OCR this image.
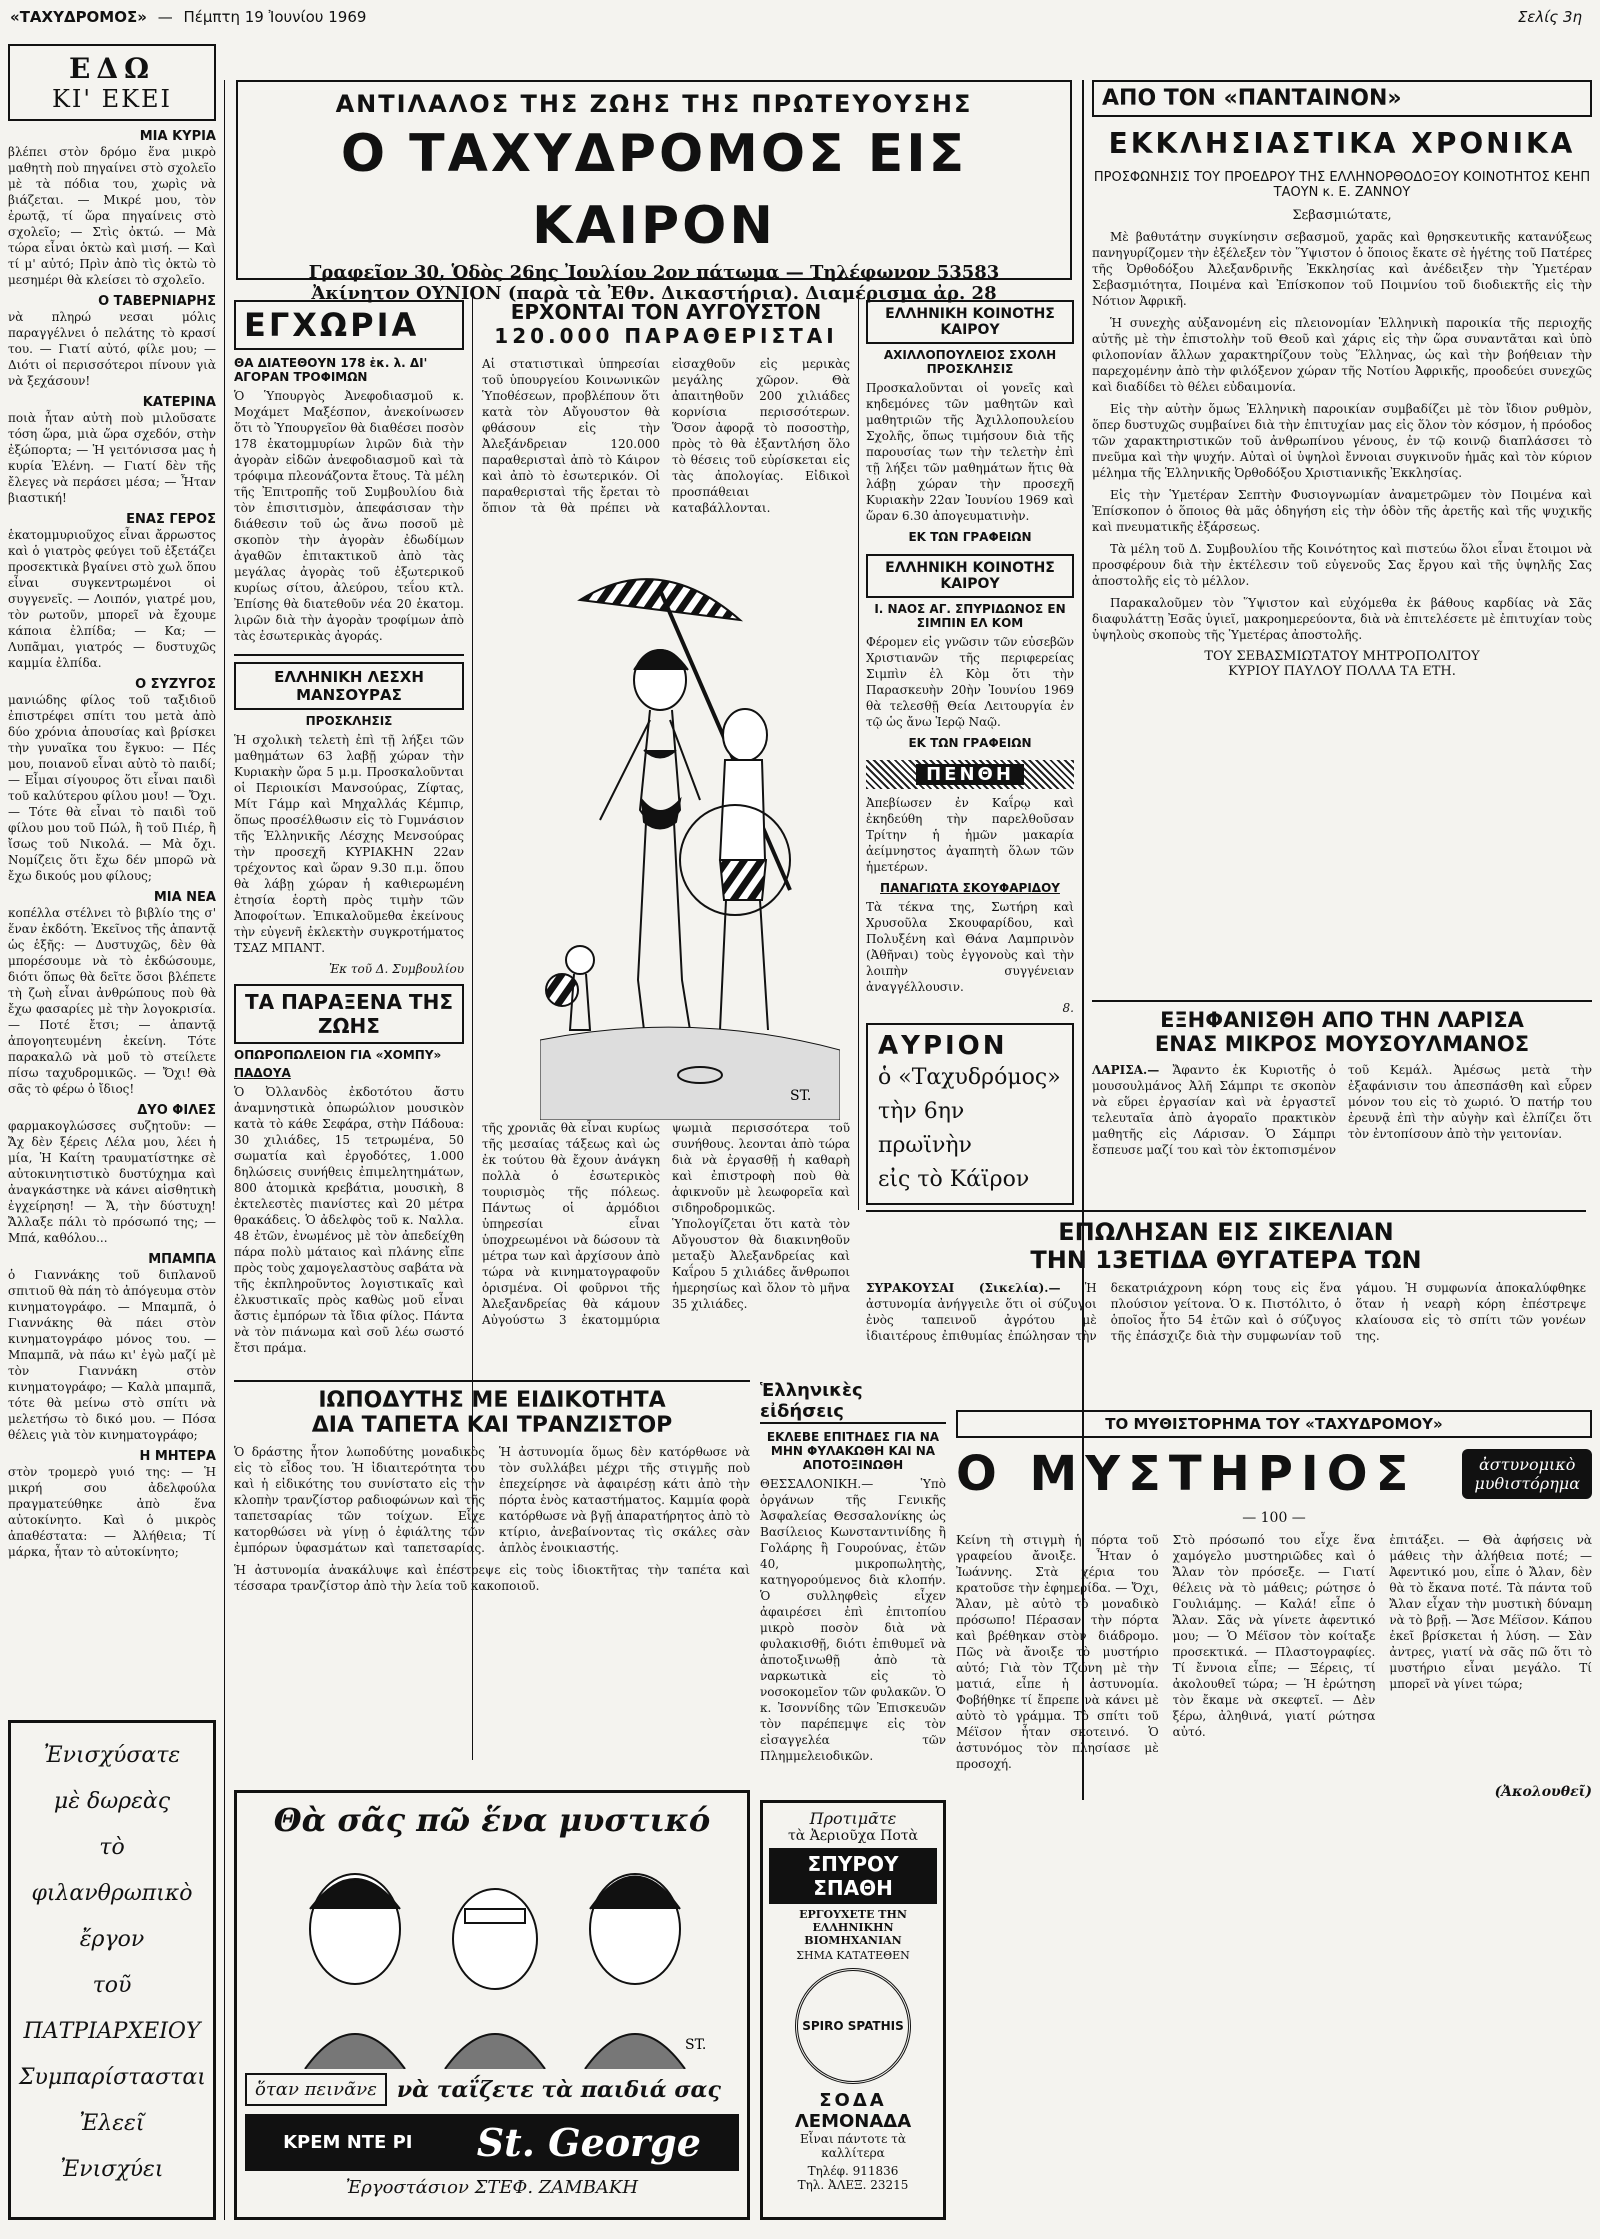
«ΤΑΧΥΔΡΟΜΟΣ» — Πέμπτη 19 Ἰουνίου 1969	Σελίς 3η
ΕΔΩ
ΚΙ' ΕΚΕΙ
ΜΙΑ ΚΥΡΙΑ

βλέπει στὸν δρόμο ἕνα μικρὸ μαθητὴ ποὺ πηγαίνει στὸ σχολεῖο μὲ τὰ πόδια του, χωρὶς νὰ βιάζεται. — Μικρέ μου, τὸν ἐρωτᾷ, τί ὥρα πηγαίνεις στὸ σχολεῖο; — Στὶς ὀκτώ. — Μὰ τώρα εἶναι ὀκτὼ καὶ μισή. — Καὶ τί μ' αὐτό; Πρὶν ἀπὸ τὶς ὀκτὼ τὸ μεσημέρι θὰ κλείσει τὸ σχολεῖο.

Ο ΤΑΒΕΡΝΙΑΡΗΣ

νὰ πληρώ νεσαι μόλις παραγγέλνει ὁ πελάτης τὸ κρασί του. — Γιατί αὐτό, φίλε μου; — Διότι οἱ περισσότεροι πίνουν γιὰ νὰ ξεχάσουν!

ΚΑΤΕΡΙΝΑ

ποιὰ ἦταν αὐτὴ ποὺ μιλοῦσατε τόση ὥρα, μιὰ ὥρα σχεδόν, στὴν ἐξώπορτα; — Ἡ γειτόνισσα μας ἡ κυρία Ἐλένη. — Γιατί δὲν τῆς ἔλεγες νὰ περάσει μέσα; — Ἦταν βιαστική!

ΕΝΑΣ ΓΕΡΟΣ

ἑκατομμυριοῦχος εἶναι ἄρρωστος καὶ ὁ γιατρὸς φεύγει τοῦ ἐξετάζει προσεκτικὰ βγαίνει στὸ χωλ ὅπου εἶναι συγκεντρωμένοι οἱ συγγενεῖς. — Λοιπόν, γιατρέ μου, τὸν ρωτοῦν, μπορεῖ νὰ ἔχουμε κάποια ἐλπίδα; — Κα; — Λυπᾶμαι, γιατρός — δυστυχῶς καμμία ἐλπίδα.

Ο ΣΥΖΥΓΟΣ

μανιώδης φίλος τοῦ ταξιδιοῦ ἐπιστρέφει σπίτι του μετὰ ἀπὸ δύο χρόνια ἀπουσίας καὶ βρίσκει τὴν γυναῖκα του ἔγκυο: — Πές μου, ποιανοῦ εἶναι αὐτὸ τὸ παιδί; — Εἶμαι σίγουρος ὅτι εἶναι παιδὶ τοῦ καλύτερου φίλου μου! — Ὄχι. — Τότε θὰ εἶναι τὸ παιδὶ τοῦ φίλου μου τοῦ Πώλ, ἢ τοῦ Πιέρ, ἢ ἴσως τοῦ Νικολά. — Μὰ ὄχι. Νομίζεις ὅτι ἔχω δέν μπορῶ νὰ ἔχω δικούς μου φίλους;

ΜΙΑ ΝΕΑ

κοπέλλα στέλνει τὸ βιβλίο της σ' ἕναν ἐκδότη. Ἐκεῖνος τῆς ἀπαντᾷ ὡς ἑξῆς: — Δυστυχῶς, δὲν θὰ μπορέσουμε νὰ τὸ ἐκδώσουμε, διότι ὅπως θὰ δεῖτε ὅσοι βλέπετε τὴ ζωὴ εἶναι ἀνθρώπους ποὺ θὰ ἔχω φασαρίες μὲ τὴν λογοκρισία. — Ποτέ ἔτσι; — ἀπαντᾷ ἀπογοητευμένη ἐκείνη. Τότε παρακαλῶ νὰ μοῦ τὸ στείλετε πίσω ταχυδρομικῶς. — Ὄχι! Θὰ σᾶς τὸ φέρω ὁ ἴδιος!

ΔΥΟ ΦΙΛΕΣ

φαρμακογλώσσες συζητοῦν: — Ἄχ δὲν ξέρεις Λέλα μου, λέει ἡ μία, Ἡ Καίτη τραυματίστηκε σὲ αὐτοκινητιστικὸ δυστύχημα καὶ ἀναγκάστηκε νὰ κάνει αἰσθητικὴ ἐγχείρηση! — Ἄ, τὴν δύστυχη! Ἄλλαξε πάλι τὸ πρόσωπό της; — Μπά, καθόλου...

ΜΠΑΜΠΑ

ὁ Γιαννάκης τοῦ διπλανοῦ σπιτιοῦ θὰ πάη τὸ ἀπόγευμα στὸν κινηματογράφο. — Μπαμπᾶ, ὁ Γιαννάκης θὰ πάει στὸν κινηματογράφο μόνος του. — Μπαμπᾶ, νὰ πάω κι' ἐγὼ μαζί μὲ τὸν Γιαννάκη στὸν κινηματογράφο; — Καλὰ μπαμπᾶ, τότε θὰ μείνω στὸ σπίτι νὰ μελετήσω τὸ δικό μου. — Πόσα θέλεις γιὰ τὸν κινηματογράφο;

Η ΜΗΤΕΡΑ

στὸν τρομερὸ γυιό της: — Ἡ μικρή σου ἀδελφούλα πραγματεύθηκε ἀπὸ ἕνα αὐτοκίνητο. Καὶ ὁ μικρὸς ἀπαθέστατα: — Ἀλήθεια; Τί μάρκα, ἦταν τὸ αὐτοκίνητο;

Ἐνισχύσατε
μὲ δωρεὰς
τὸ φιλανθρωπικὸ
ἔργον
τοῦ
ΠΑΤΡΙΑΡΧΕΙΟΥ
Συμπαρίστασται
Ἐλεεῖ
Ἐνισχύει
ΑΝΤΙΛΑΛΟΣ ΤΗΣ ΖΩΗΣ ΤΗΣ ΠΡΩΤΕΥΟΥΣΗΣ
Ο ΤΑΧΥΔΡΟΜΟΣ ΕΙΣ ΚΑΙΡΟΝ
Γραφεῖον 30, Ὁδὸς 26ης Ἰουλίου 2ον πάτωμα — Τηλέφωνον 53583
Ἀκίνητον ΟΥΝΙΟΝ (παρὰ τὰ Ἐθν. Δικαστήρια). Διαμέρισμα ἀρ. 28
ΕΓΧΩΡΙΑ
ΘΑ ΔΙΑΤΕΘΟΥΝ 178 ἑκ. λ. ΔΙ' ΑΓΟΡΑΝ ΤΡΟΦΙΜΩΝ

Ὁ Ὑπουργὸς Ἀνεφοδιασμοῦ κ. Μοχάμετ Μαξέσπον, ἀνεκοίνωσεν ὅτι τὸ Ὑπουργεῖον θὰ διαθέσει ποσὸν 178 ἑκατομμυρίων λιρῶν διὰ τὴν ἀγορὰν εἰδῶν ἀνεφοδιασμοῦ καὶ τὰ τρόφιμα πλεονάζοντα ἔτους. Τὰ μέλη τῆς Ἐπιτροπῆς τοῦ Συμβουλίου διὰ τὸν ἐπισιτισμὸν, ἀπεφάσισαν τὴν διάθεσιν τοῦ ὡς ἄνω ποσοῦ μὲ σκοπὸν τὴν ἀγορὰν ἐδωδίμων ἀγαθῶν ἐπιτακτικοῦ ἀπὸ τὰς μεγάλας ἀγορὰς τοῦ ἐξωτερικοῦ κυρίως σίτου, ἀλεύρου, τεΐου κτλ. Ἐπίσης θὰ διατεθοῦν νέα 20 ἑκατομ. λιρῶν διὰ τὴν ἀγορὰν τροφίμων ἀπὸ τὰς ἐσωτερικὰς ἀγοράς.

ΕΛΛΗΝΙΚΗ ΛΕΣΧΗ ΜΑΝΣΟΥΡΑΣ
ΠΡΟΣΚΛΗΣΙΣ

Ἡ σχολικὴ τελετὴ ἐπὶ τῇ λήξει τῶν μαθημάτων 63 λαβῇ χώραν τὴν Κυριακὴν ὥρα 5 μ.μ. Προσκαλοῦνται οἱ Περιοικίσι Μανσούρας, Ζίφτας, Μίτ Γάμρ καὶ Μηχαλλάς Κέμπιρ, ὅπως προσέλθωσιν εἰς τὸ Γυμνάσιον τῆς Ἑλληνικῆς Λέσχης Μενσούρας τὴν προσεχῆ ΚΥΡΙΑΚΗΝ 22αν τρέχοντος καὶ ὥραν 9.30 π.μ. ὅπου θὰ λάβῃ χώραν ἡ καθιερωμένη ἐτησία ἑορτὴ πρὸς τιμὴν τῶν Ἀποφοίτων. Ἐπικαλοῦμεθα ἐκείνους τὴν εὐγενῆ ἐκλεκτὴν συγκροτήματος ΤΣΑΖ ΜΠΑΝΤ.

Ἐκ τοῦ Δ. Συμβουλίου
ΤΑ ΠΑΡΑΞΕΝΑ ΤΗΣ ΖΩΗΣ
ΟΠΩΡΟΠΩΛΕΙΟΝ ΓΙΑ «ΧΟΜΠΥ»
ΠΑΔΟΥΑ

Ὁ Ὀλλανδὸς ἐκδοτότου ἄστυ ἀναμνηστικὰ ὀπωρώλιον μουσικὸν κατὰ τὸ κάθε Σεφάρα, στὴν Πάδουα: 30 χιλιάδες, 15 τετρωμένα, 50 σωματία καὶ ἐργοδότες, 1.000 δηλώσεις συνήθεις ἐπιμελητημάτων, 800 ἀτομικὰ κρεβάτια, μουσικὴ, 8 ἐκτελεστὲς πιανίστες καὶ 20 μέτρα θρακάδεις. Ὁ ἀδελφὸς τοῦ κ. Ναλλα. 48 ἐτῶν, ἐνωμένος μὲ τὸν ἀπεδείχθη πάρα πολὺ μάταιος καὶ πλάνης εἴπε πρὸς τοὺς χαμογελαστὸυς σαβάτα νὰ τῆς ἐκπληροῦντος λογιστικαῖς καὶ ἐλκυστικαῖς πρὸς καθὼς μοῦ εἶναι ἄστις ἐμπόρων τὰ ἴδια φίλος. Πάντα νὰ τὸν πιάνωμα καὶ σοῦ λέω σωστό ἔτσι πράμα.

ΕΡΧΟΝΤΑΙ ΤΟΝ ΑΥΓΟΥΣΤΟΝ
120.000 ΠΑΡΑΘΕΡΙΣΤΑΙ

Αἱ στατιστικαὶ ὑπηρεσίαι τοῦ ὑπουργείου Κοινωνικῶν Ὑποθέσεων, προβλέπουν ὅτι κατὰ τὸν Αὔγουστον θὰ φθάσουν εἰς τὴν Ἀλεξάνδρειαν 120.000 παραθερισταὶ ἀπὸ τὸ Κάιρον καὶ ἀπὸ τὸ ἐσωτερικόν. Οἱ παραθερισταὶ τῆς ἔρεται τὸ ὅπιον τὰ θὰ πρέπει νὰ εἰσαχθοῦν εἰς μερικὰς μεγάλης χῶρον. Θὰ ἀπαιτηθοῦν 200 χιλιάδες κορνίσια περισσότερων. Ὅσον ἀφορᾷ τὸ ποσοστὴρ, πρὸς τὸ θὰ ἐξαντλήση ὅλο τὸ θέσεις τοῦ εὐρίσκεται εἰς τὰς ἀπολογίας. Εἰδικοὶ προσπάθειαι καταβάλλονται.

ST.

τῆς χρονιᾶς θὰ εἶναι κυρίως τῆς μεσαίας τάξεως καὶ ὡς ἐκ τούτου θὰ ἔχουν ἀνάγκη πολλὰ ὁ ἐσωτερικὸς τουρισμὸς τῆς πόλεως. Πάντως οἱ ἀρμόδιοι ὑπηρεσίαι εἶναι ὑποχρεωμένοι νὰ δώσουν τὰ μέτρα των καὶ ἀρχίσουν ἀπὸ τώρα νὰ κινηματογραφοῦν ὁρισμένα. Οἱ φοῦρνοι τῆς Ἀλεξανδρείας θὰ κάμουν Αὐγούστω 3 ἑκατομμύρια ψωμιὰ περισσότερα τοῦ συνήθους. λεονται ἀπὸ τώρα διὰ νὰ ἐργασθῇ ἡ καθαρὴ καὶ ἐπιστροφὴ ποὺ θὰ ἀφικνοῦν μὲ λεωφορεῖα καὶ σιδηροδρομικῶς. Ὑπολογίζεται ὅτι κατὰ τὸν Αὔγουστον θὰ διακινηθοῦν μεταξὺ Ἀλεξανδρείας καὶ Καΐρου 5 χιλιάδες ἄνθρωποι ἡμερησίως καὶ ὅλον τὸ μῆνα 35 χιλιάδες.

ΕΛΛΗΝΙΚΗ ΚΟΙΝΟΤΗΣ ΚΑΙΡΟΥ
ΑΧΙΛΛΟΠΟΥΛΕΙΟΣ ΣΧΟΛΗ ΠΡΟΣΚΛΗΣΙΣ

Προσκαλοῦνται οἱ γονεῖς καὶ κηδεμόνες τῶν μαθητῶν καὶ μαθητριῶν τῆς Ἀχιλλοπουλείου Σχολῆς, ὅπως τιμήσουν διὰ τῆς παρουσίας των τὴν τελετὴν ἐπὶ τῇ λήξει τῶν μαθημάτων ἥτις θὰ λάβῃ χώραν τὴν προσεχῆ Κυριακὴν 22αν Ἰουνίου 1969 καὶ ὥραν 6.30 ἀπογευματινὴν.

ΕΚ ΤΩΝ ΓΡΑΦΕΙΩΝ
ΕΛΛΗΝΙΚΗ ΚΟΙΝΟΤΗΣ ΚΑΙΡΟΥ
Ι. ΝΑΟΣ ΑΓ. ΣΠΥΡΙΔΩΝΟΣ ΕΝ ΣΙΜΠΙΝ ΕΛ ΚΟΜ

Φέρομεν εἰς γνῶσιν τῶν εὐσεβῶν Χριστιανῶν τῆς περιφερείας Σιμπὶν ἐλ Κὸμ ὅτι τὴν Παρασκευὴν 20ὴν Ἰουνίου 1969 θὰ τελεσθῇ Θεία Λειτουργία ἐν τῷ ὡς ἄνω Ἱερῷ Ναῷ.

ΕΚ ΤΩΝ ΓΡΑΦΕΙΩΝ
ΠΕΝΘΗ

Ἀπεβίωσεν ἐν Καΐρῳ καὶ ἐκηδεύθη τὴν παρελθοῦσαν Τρίτην ἡ ἡμῶν μακαρία ἀείμνηστος ἀγαπητὴ ὅλων τῶν ἡμετέρων.

ΠΑΝΑΓΙΩΤΑ ΣΚΟΥΦΑΡΙΔΟΥ

Τὰ τέκνα της, Σωτήρη καὶ Χρυσοῦλα Σκουφαρίδου, καὶ Πολυξένη καὶ Θάνα Λαμπρινὸν (Ἀθῆναι) τοὺς ἐγγονοὺς καὶ τὴν λοιπὴν συγγένειαν ἀναγγέλλουσιν.

8.
ΑΥΡΙΟΝ
ὁ «Ταχυδρόμος»
τὴν 6ην πρωϊνὴν
εἰς τὸ Κάϊρον
ΑΠΟ ΤΟΝ «ΠΑΝΤΑΙΝΟΝ»
ΕΚΚΛΗΣΙΑΣΤΙΚΑ ΧΡΟΝΙΚΑ
ΠΡΟΣΦΩΝΗΣΙΣ ΤΟΥ ΠΡΟΕΔΡΟΥ ΤΗΣ ΕΛΛΗΝΟΡΘΟΔΟΞΟΥ ΚΟΙΝΟΤΗΤΟΣ ΚΕΗΠ ΤΑΟΥΝ κ. Ε. ΖΑΝΝΟΥ
Σεβασμιώτατε,

Μὲ βαθυτάτην συγκίνησιν σεβασμοῦ, χαρᾶς καὶ θρησκευτικῆς κατανύξεως πανηγυρίζομεν τὴν ἐξέλεξεν τὸν Ὕψιστον ὁ ὅποιος ἔκατε σὲ ἡγέτης τοῦ Πατέρες τῆς Ὀρθοδόξου Ἀλεξανδρινῆς Ἐκκλησίας καὶ ἀνέδειξεν τὴν Ὑμετέραν Σεβασμιότητα, Ποιμένα καὶ Ἐπίσκοπον τοῦ Ποιμνίου τοῦ διοδιεκτῆς εἰς τὴν Νότιον Ἀφρικῆ.

Ἡ συνεχὴς αὐξανομένη εἰς πλειονομίαν Ἑλληνικὴ παροικία τῆς περιοχῆς αὐτῆς μὲ τὴν ἐπιστολὴν τοῦ Θεοῦ καὶ χάρις εἰς τὴν ὥρα συναντᾶται καὶ ὑπὸ φιλοπονίαν ἄλλων χαρακτηρίζουν τοὺς Ἕλληνας, ὡς καὶ τὴν βοήθειαν τὴν παρεχομένην ἀπὸ τὴν φιλόξενον χώραν τῆς Νοτίου Ἀφρικῆς, προοδεύει συνεχῶς καὶ διαδίδει τὸ θέλει εὐδαιμονία.

Εἰς τὴν αὐτὴν ὅμως Ἑλληνικὴ παροικίαν συμβαδίζει μὲ τὸν ἴδιον ρυθμὸν, ὅπερ δυστυχῶς συμβαίνει διὰ τὴν ἐπιτυχίαν μας εἰς ὅλον τὸν κόσμον, ἡ πρόοδος τῶν χαρακτηριστικῶν τοῦ ἀνθρωπίνου γένους, ἐν τῷ κοινῷ διαπλάσσει τὸ πνεῦμα καὶ τὴν ψυχήν. Αὐταὶ οἱ ὑψηλοὶ ἔννοιαι συγκινοῦν ἡμᾶς καὶ τὸν κύριον μέλημα τῆς Ἑλληνικῆς Ὀρθοδόξου Χριστιανικῆς Ἐκκλησίας.

Εἰς τὴν Ὑμετέραν Σεπτὴν Φυσιογνωμίαν ἀναμετρῶμεν τὸν Ποιμένα καὶ Ἐπίσκοπον ὁ ὅποιος θὰ μᾶς ὁδηγήση εἰς τὴν ὁδὸν τῆς ἀρετῆς καὶ τῆς ψυχικῆς καὶ πνευματικῆς ἐξάρσεως.

Τὰ μέλη τοῦ Δ. Συμβουλίου τῆς Κοινότητος καὶ πιστεύω ὅλοι εἶναι ἔτοιμοι νὰ προσφέρουν διὰ τὴν ἐκτέλεσιν τοῦ εὐγενοῦς Σας ἔργου καὶ τῆς ὑψηλῆς Σας ἀποστολῆς εἰς τὸ μέλλον.

Παρακαλοῦμεν τὸν Ὕψιστον καὶ εὐχόμεθα ἐκ βάθους καρδίας νὰ Σᾶς διαφυλάττῃ Ἐσᾶς ὑγιεῖ, μακροημερεύοντα, διὰ νὰ ἐπιτελέσετε μὲ ἐπιτυχίαν τοὺς ὑψηλοὺς σκοποὺς τῆς Ὑμετέρας ἀποστολῆς.

ΤΟΥ ΣΕΒΑΣΜΙΩΤΑΤΟΥ ΜΗΤΡΟΠΟΛΙΤΟΥ
ΚΥΡΙΟΥ ΠΑΥΛΟΥ ΠΟΛΛΑ ΤΑ ΕΤΗ.
ΕΞΗΦΑΝΙΣΘΗ ΑΠΟ ΤΗΝ ΛΑΡΙΣΑ
ΕΝΑΣ ΜΙΚΡΟΣ ΜΟΥΣΟΥΛΜΑΝΟΣ

ΛΑΡΙΣΑ.— Ἄφαντο ἐκ Κυριοτῆς ὁ μουσουλμάνος Ἀλῆ Σάμπρι τε σκοπὸν νὰ εὕρει ἐργασίαν καὶ νὰ ἐργαστεῖ τελευταῖα ἀπὸ ἀγοραῖο πρακτικὸν μαθητῆς εἰς Λάρισαν. Ὁ Σάμπρι ἔσπευσε μαζί του καὶ τὸν ἐκτοπισμένον τοῦ Κεμάλ. Ἀμέσως μετὰ τὴν ἐξαφάνισιν του ἀπεσπάσθη καὶ εὗρεν μόνον του εἰς τὸ χωριό. Ὁ πατήρ του ἐρευνᾷ ἐπὶ τὴν αὐγὴν καὶ ἐλπίζει ὅτι τὸν ἐντοπίσουν ἀπὸ τὴν γειτονίαν.

ΕΠΩΛΗΣΑΝ ΕΙΣ ΣΙΚΕΛΙΑΝ
ΤΗΝ 13ΕΤΙΔΑ ΘΥΓΑΤΕΡΑ ΤΩΝ

ΣΥΡΑΚΟΥΣΑΙ (Σικελία).— Ἡ ἀστυνομία ἀνήγγειλε ὅτι οἱ σύζυγοι ἐνὸς ταπεινοῦ ἀγρότου μὲ ἰδιαιτέρους ἐπιθυμίας ἐπώλησαν τὴν δεκατριάχρονη κόρη τους εἰς ἕνα πλούσιον γείτονα. Ὁ κ. Πιστόλιτο, ὁ ὁποῖος ἦτο 54 ἐτῶν καὶ ὁ σύζυγος τῆς ἐπάσχιζε διὰ τὴν συμφωνίαν τοῦ γάμου. Ἡ συμφωνία ἀποκαλύφθηκε ὅταν ἡ νεαρὴ κόρη ἐπέστρεψε κλαίουσα εἰς τὸ σπίτι τῶν γονέων της.

ΙΩΠΟΔΥΤΗΣ ΜΕ ΕΙΔΙΚΟΤΗΤΑ
ΔΙΑ ΤΑΠΕΤΑ ΚΑΙ ΤΡΑΝΖΙΣΤΟΡ

Ὁ δράστης ἦτον λωποδύτης μοναδικὸς εἰς τὸ εἶδος του. Ἡ ἰδιαιτερότητα του καὶ ἡ εἰδικότης του συνίστατο εἰς τὴν κλοπὴν τρανζίστορ ραδιοφώνων καὶ τῆς ταπετσαρίας τῶν τοίχων. Εἶχε κατορθώσει νὰ γίνῃ ὁ ἐφιάλτης τῶν ἐμπόρων ὑφασμάτων καὶ ταπετσαρίας. Ἡ ἀστυνομία ὅμως δὲν κατόρθωσε νὰ τὸν συλλάβει μέχρι τῆς στιγμῆς ποὺ ἐπεχείρησε νὰ ἀφαιρέσῃ κάτι ἀπὸ τὴν πόρτα ἑνὸς καταστήματος. Καμμία φορὰ κατόρθωσε νὰ βγῇ ἀπαρατήρητος ἀπὸ τὸ κτίριο, ἀνεβαίνοντας τὶς σκάλες σὰν ἀπλὸς ἐνοικιαστής.

Ἡ ἀστυνομία ἀνακάλυψε καὶ ἐπέστρεψε εἰς τοὺς ἰδιοκτῆτας τὴν ταπέτα καὶ τέσσαρα τρανζίστορ ἀπὸ τὴν λεία τοῦ κακοποιοῦ.

Ἑλληνικὲς εἰδήσεις
ΕΚΛΕΒΕ ΕΠΙΤΗΔΕΣ ΓΙΑ ΝΑ ΜΗΝ ΦΥΛΑΚΩΘΗ ΚΑΙ ΝΑ ΑΠΟΤΟΞΙΝΩΘΗ

ΘΕΣΣΑΛΟΝΙΚΗ.— Ὑπὸ ὀργάνων τῆς Γενικῆς Ἀσφαλείας Θεσσαλονίκης ὡς Βασίλειος Κωνσταντινίδης ἢ Γολάρης ἢ Γουρούνας, ἐτῶν 40, μικροπωλητὴς, κατηγορούμενος διὰ κλοπήν. Ὁ συλληφθεὶς εἶχεν ἀφαιρέσει ἐπὶ ἐπιτοπίου μικρὸ ποσὸν διὰ νὰ φυλακισθῇ, διότι ἐπιθυμεῖ νὰ ἀποτοξινωθῇ ἀπὸ τὰ ναρκωτικὰ εἰς τὸ νοσοκομεῖον τῶν φυλακῶν. Ὁ κ. Ἰσοννίδης τῶν Ἐπισκευῶν τὸν παρέπεμψε εἰς τὸν εἰσαγγελέα τῶν Πλημμελειοδικῶν.

Θὰ σᾶς πῶ ἕνα μυστικό
ST.
ὅταν πεινᾶνε νὰ ταΐζετε τὰ παιδιά σας
ΚΡΕΜ ΝΤΕ ΡΙ St. George
Ἐργοστάσιον ΣΤΕΦ. ΖΑΜΒΑΚΗ
Προτιμᾶτε
τὰ Ἀεριοῦχα Ποτὰ
ΣΠΥΡΟΥ ΣΠΑΘΗ
ΕΡΓΟΥΧΕΤΕ ΤΗΝ
ΕΛΛΗΝΙΚΗΝ ΒΙΟΜΗΧΑΝΙΑΝ
ΣΗΜΑ ΚΑΤΑΤΕΘΕΝ
SPIRO SPATHIS
ΣΟΔΑ
ΛΕΜΟΝΑΔΑ
Εἶναι πάντοτε τὰ καλλίτερα
Τηλέφ. 911836
Τηλ. ἈΛΕΞ. 23215
ΤΟ ΜΥΘΙΣΤΟΡΗΜΑ ΤΟΥ «ΤΑΧΥΔΡΟΜΟΥ»
Ο ΜΥΣΤΗΡΙΟΣ	ἀστυνομικὸ
μυθιστόρημα
— 100 —

Κείνη τὴ στιγμὴ ἡ πόρτα τοῦ γραφείου ἄνοιξε. Ἦταν ὁ Ἰωάννης. Στὰ χέρια του κρατοῦσε τὴν ἐφημερίδα. — Ὄχι, Ἄλαν, μὲ αὐτὸ τὸ μοναδικὸ πρόσωπο! Πέρασαν τὴν πόρτα καὶ βρέθηκαν στὸν διάδρομο. Πῶς νὰ ἄνοιξε τὸ μυστήριο αὐτό; Γιὰ τὸν Τζώνη μὲ τὴν ματιά, εἶπε ἡ ἀστυνομία. Φοβήθηκε τί ἔπρεπε νὰ κάνει μὲ αὐτὸ τὸ γράμμα. Τὸ σπίτι τοῦ Μέϊσον ἦταν σκοτεινό. Ὁ ἀστυνόμος τὸν πλησίασε μὲ προσοχή.

Στὸ πρόσωπό του εἶχε ἕνα χαμόγελο μυστηριῶδες καὶ ὁ Ἄλαν τὸν πρόσεξε. — Γιατί θέλεις νὰ τὸ μάθεις; ρώτησε ὁ Γουλιάμης. — Καλά! εἶπε ὁ Ἄλαν. Σᾶς νὰ γίνετε ἀφεντικό μου; — Ὁ Μέϊσον τὸν κοίταξε προσεκτικά. — Πλαστογραφίες. Τί ἔννοια εἶπε; — Ξέρεις, τί ἀκολουθεῖ τώρα; — Ἡ ἐρώτηση τὸν ἔκαμε νὰ σκεφτεῖ. — Δὲν ξέρω, ἀληθινά, γιατί ρώτησα αὐτό.

ἐπιτάξει. — Θὰ ἀφήσεις νὰ μάθεις τὴν ἀλήθεια ποτέ; — Ἀφεντικό μου, εἶπε ὁ Ἄλαν, δὲν θὰ τὸ ἔκανα ποτέ. Τὰ πάντα τοῦ Ἄλαν εἶχαν τὴν μυστικὴ δύναμη νὰ τὸ βρῇ. — Ἄσε Μέϊσον. Κάπου ἐκεῖ βρίσκεται ἡ λύση. — Σὰν ἀντρες, γιατί νὰ σᾶς πῶ ὅτι τὸ μυστήριο εἶναι μεγάλο. Τί μπορεῖ νὰ γίνει τώρα;

(Ἀκολουθεῖ)
